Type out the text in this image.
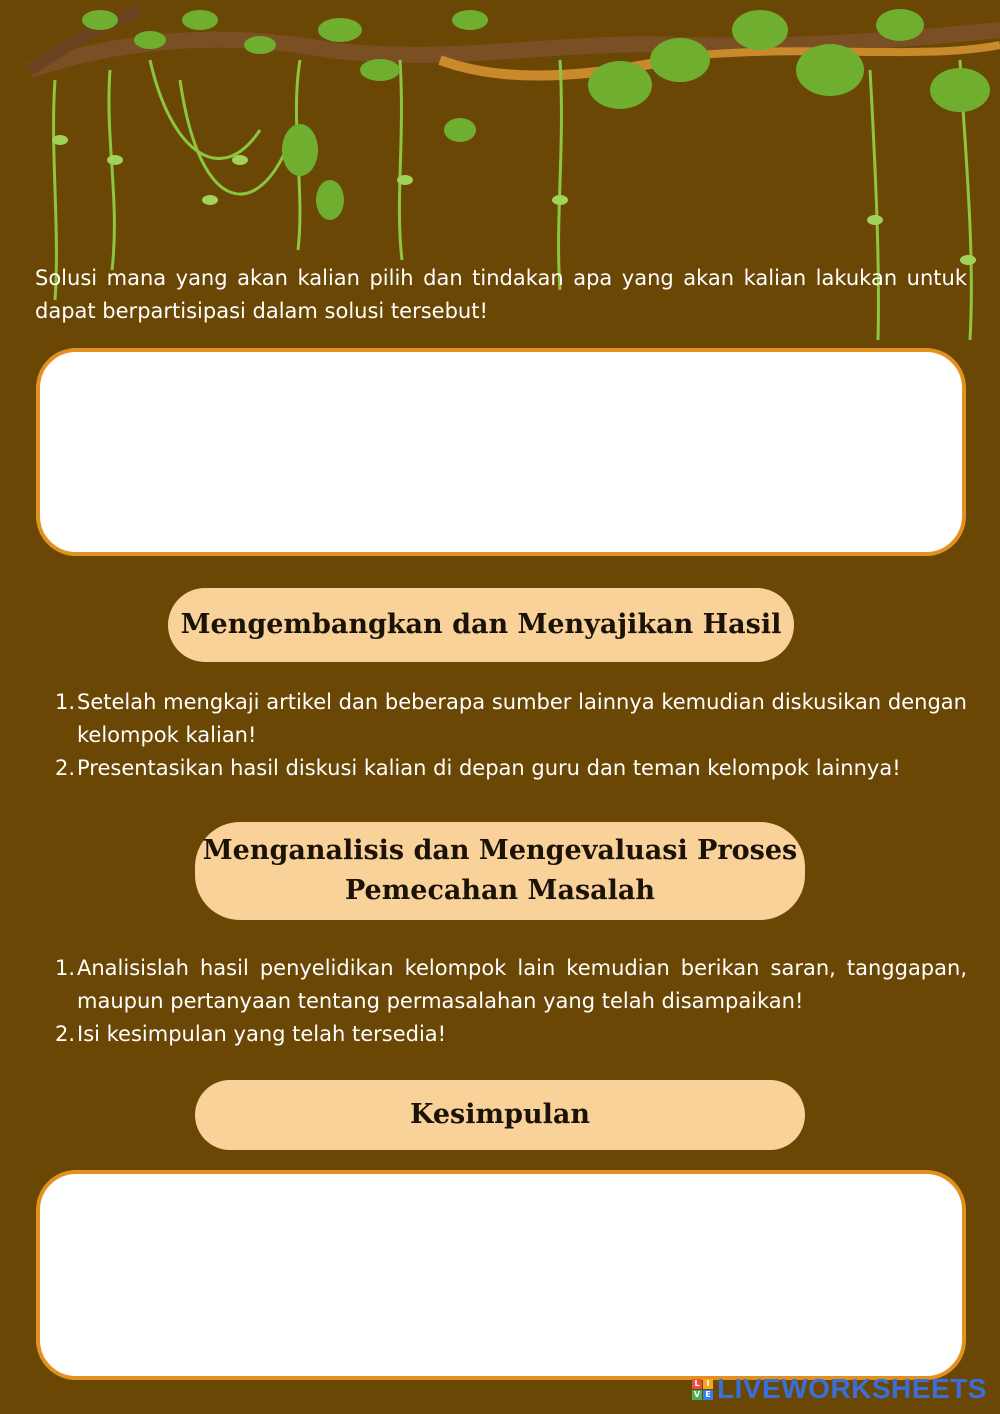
Solusi mana yang akan kalian pilih dan tindakan apa yang akan kalian lakukan untuk dapat berpartisipasi dalam solusi tersebut!

Mengembangkan dan Menyajikan Hasil
1. Setelah mengkaji artikel dan beberapa sumber lainnya kemudian diskusikan dengan kelompok kalian!
2. Presentasikan hasil diskusi kalian di depan guru dan teman kelompok lainnya!
Menganalisis dan Mengevaluasi Proses
Pemecahan Masalah
1. Analisislah hasil penyelidikan kelompok lain kemudian berikan saran, tanggapan, maupun pertanyaan tentang permasalahan yang telah disampaikan!
2. Isi kesimpulan yang telah tersedia!
Kesimpulan
L I
V E LIVEWORKSHEETS
